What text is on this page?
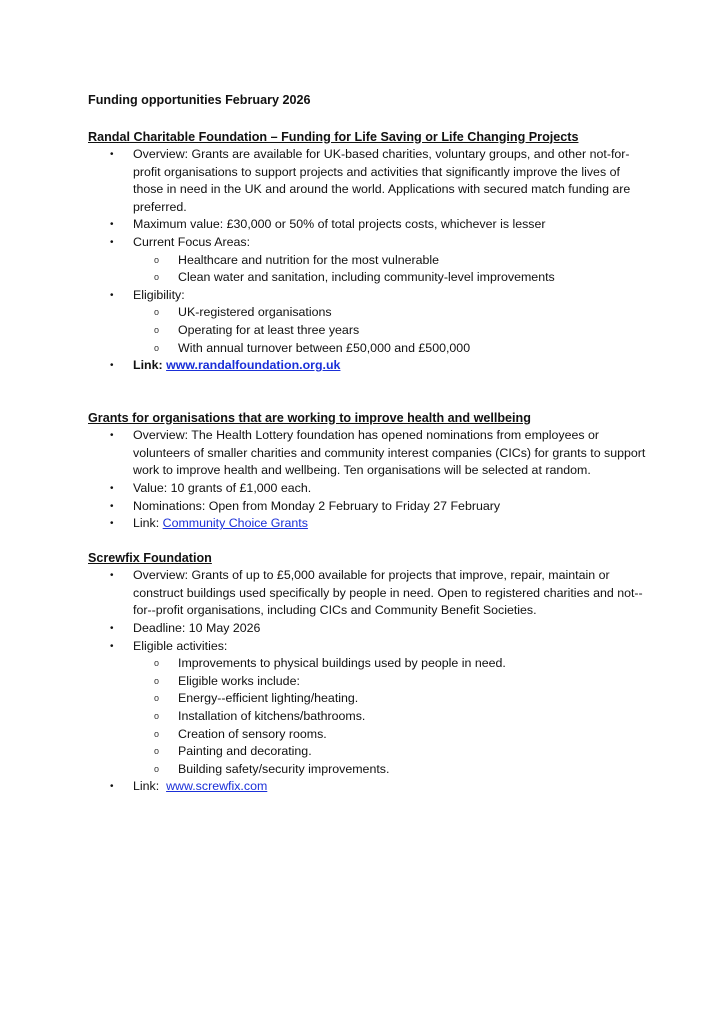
Funding opportunities February 2026
Randal Charitable Foundation – Funding for Life Saving or Life Changing Projects
• Overview: Grants are available for UK-based charities, voluntary groups, and other not-for-profit organisations to support projects and activities that significantly improve the lives of those in need in the UK and around the world. Applications with secured match funding are preferred.
• Maximum value: £30,000 or 50% of total projects costs, whichever is lesser
• Current Focus Areas:
o Healthcare and nutrition for the most vulnerable
o Clean water and sanitation, including community-level improvements
• Eligibility:
o UK-registered organisations
o Operating for at least three years
o With annual turnover between £50,000 and £500,000
• Link: www.randalfoundation.org.uk
Grants for organisations that are working to improve health and wellbeing
• Overview: The Health Lottery foundation has opened nominations from employees or volunteers of smaller charities and community interest companies (CICs) for grants to support work to improve health and wellbeing. Ten organisations will be selected at random.
• Value: 10 grants of £1,000 each.
• Nominations: Open from Monday 2 February to Friday 27 February
• Link: Community Choice Grants
Screwfix Foundation
• Overview: Grants of up to £5,000 available for projects that improve, repair, maintain or construct buildings used specifically by people in need. Open to registered charities and not--for--profit organisations, including CICs and Community Benefit Societies.
• Deadline: 10 May 2026
• Eligible activities:
o Improvements to physical buildings used by people in need.
o Eligible works include:
o Energy--efficient lighting/heating.
o Installation of kitchens/bathrooms.
o Creation of sensory rooms.
o Painting and decorating.
o Building safety/security improvements.
• Link: www.screwfix.com
